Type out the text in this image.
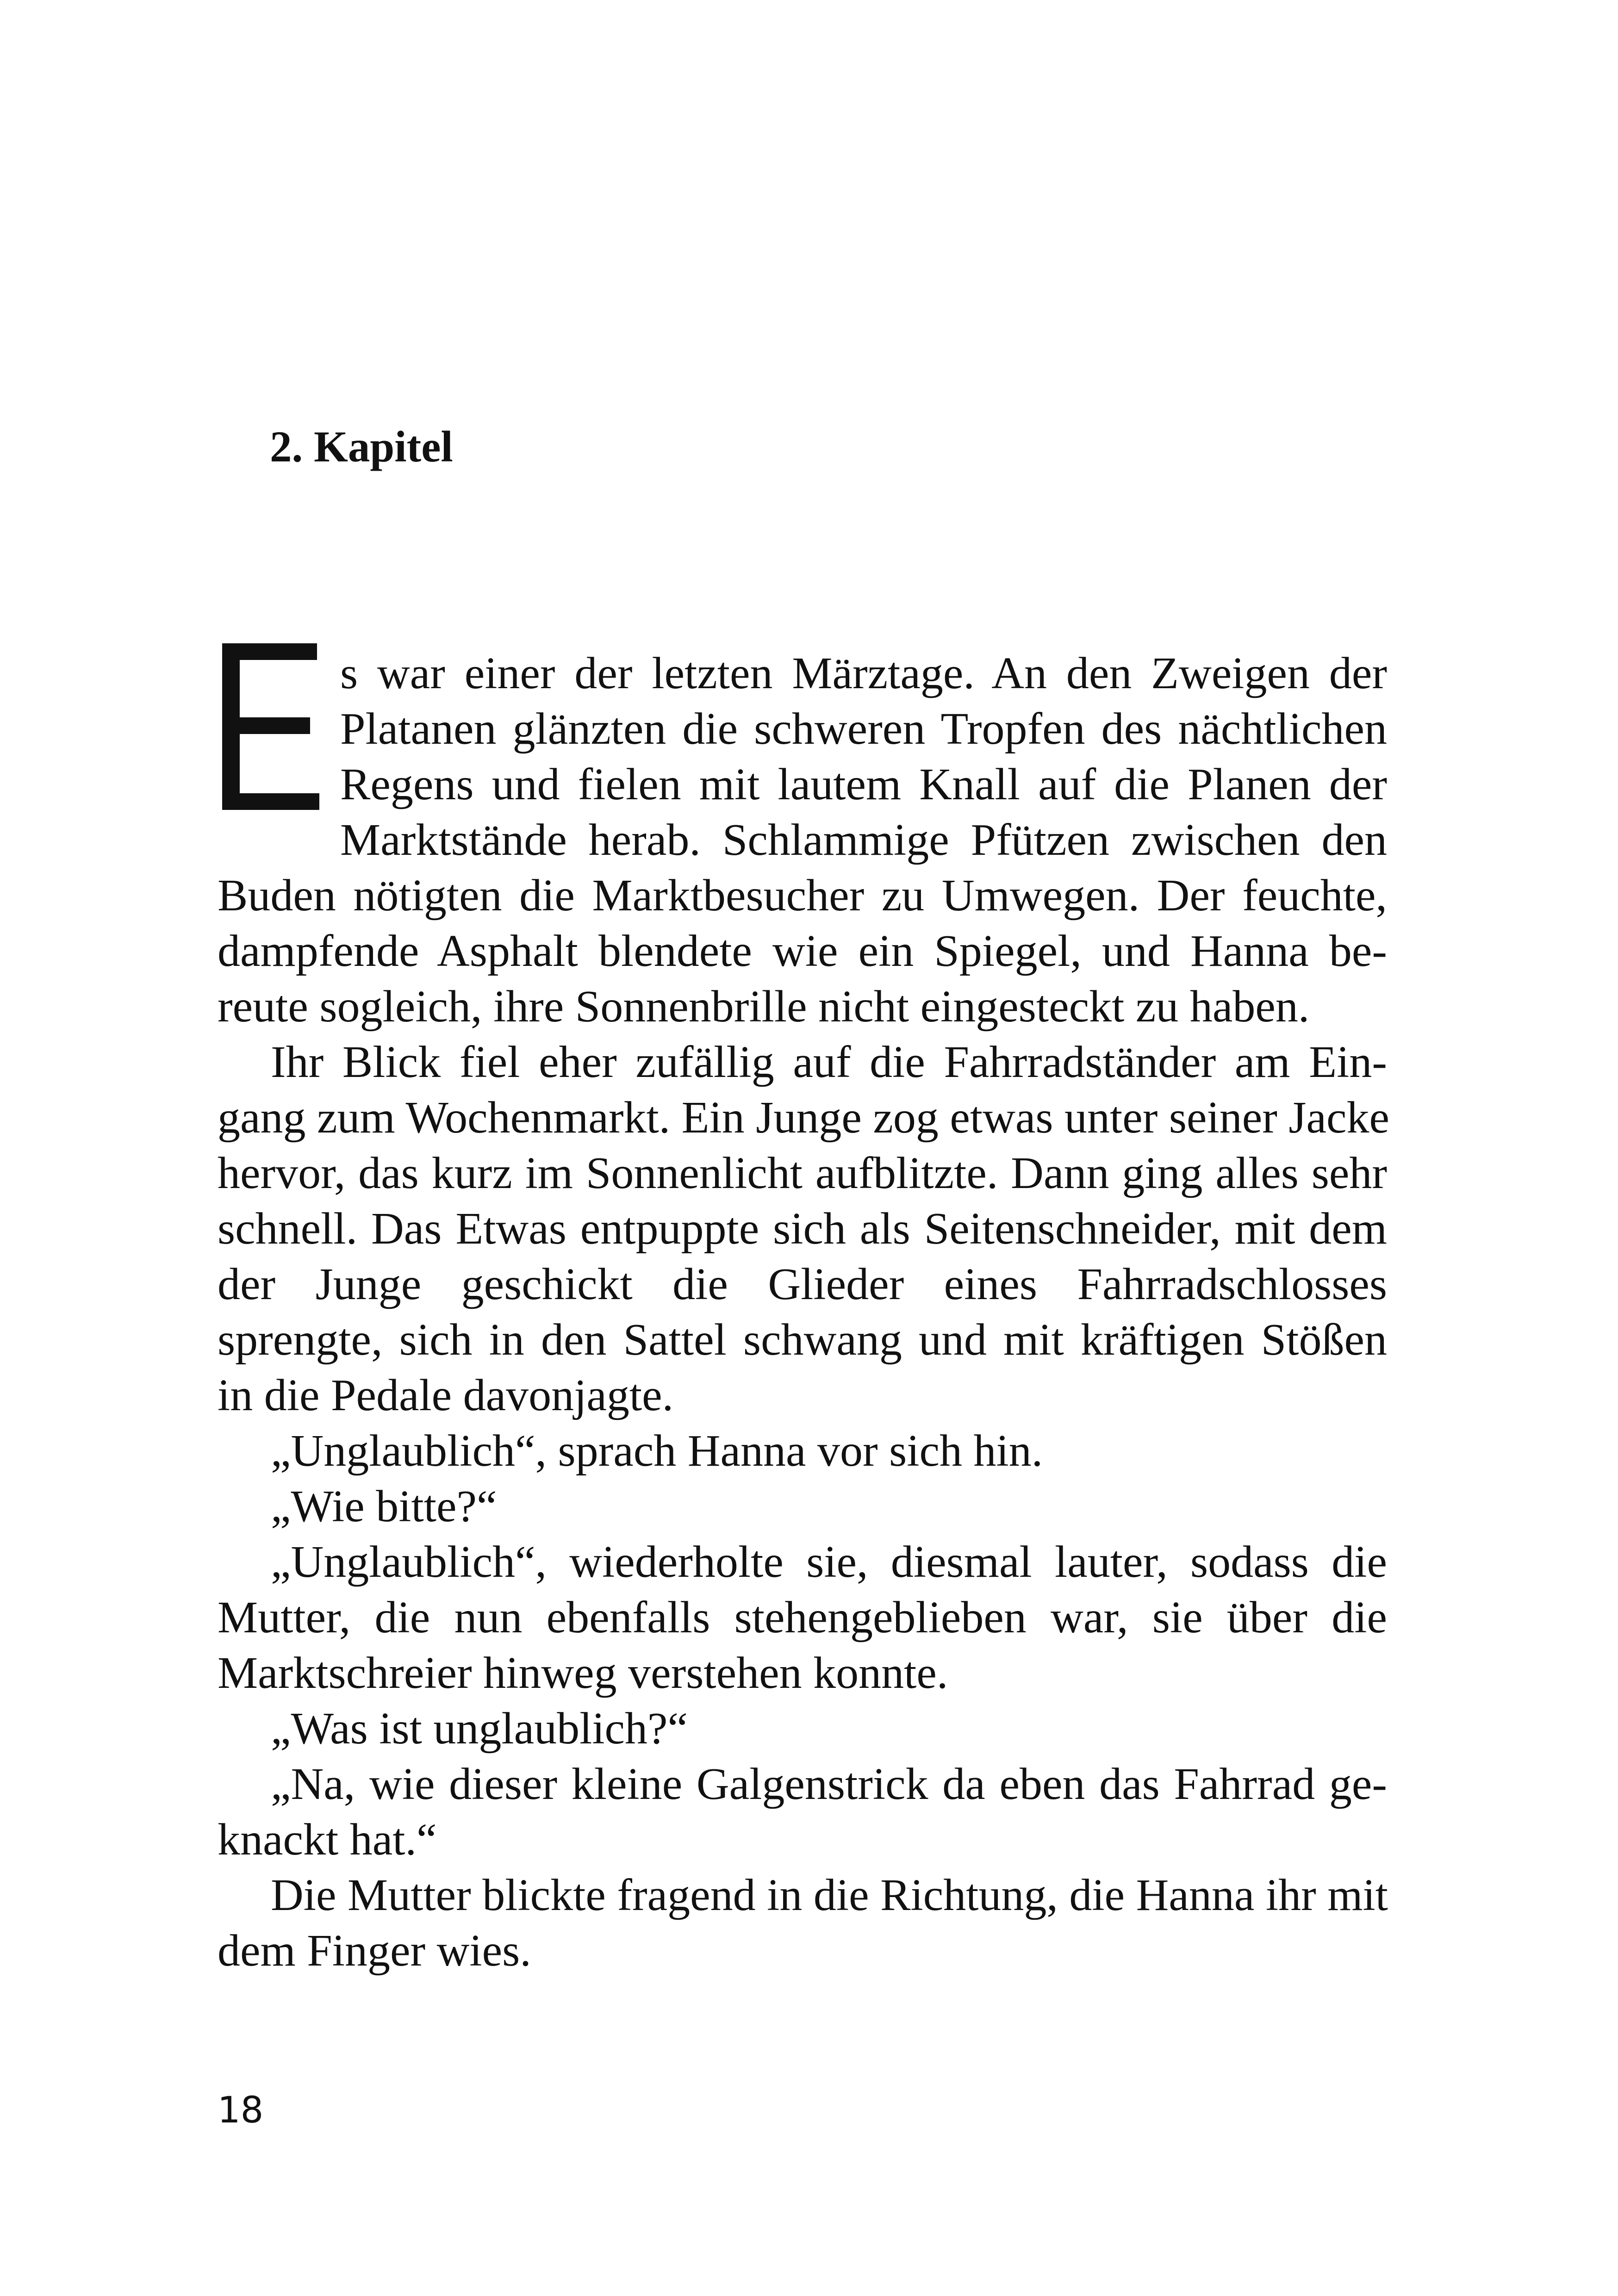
2. Kapitel
s war einer der letzten Märztage. An den Zweigen der
Platanen glänzten die schweren Tropfen des nächtlichen
Regens und fielen mit lautem Knall auf die Planen der
Marktstände herab. Schlammige Pfützen zwischen den
Buden nötigten die Marktbesucher zu Umwegen. Der feuchte,
dampfende Asphalt blendete wie ein Spiegel, und Hanna be-
reute sogleich, ihre Sonnenbrille nicht eingesteckt zu haben.
Ihr Blick fiel eher zufällig auf die Fahrradständer am Ein-
gang zum Wochenmarkt. Ein Junge zog etwas unter seiner Jacke
hervor, das kurz im Sonnenlicht aufblitzte. Dann ging alles sehr
schnell. Das Etwas entpuppte sich als Seitenschneider, mit dem
der Junge geschickt die Glieder eines Fahrradschlosses
sprengte, sich in den Sattel schwang und mit kräftigen Stößen
in die Pedale davonjagte.
„Unglaublich“, sprach Hanna vor sich hin.
„Wie bitte?“
„Unglaublich“, wiederholte sie, diesmal lauter, sodass die
Mutter, die nun ebenfalls stehengeblieben war, sie über die
Marktschreier hinweg verstehen konnte.
„Was ist unglaublich?“
„Na, wie dieser kleine Galgenstrick da eben das Fahrrad ge-
knackt hat.“
Die Mutter blickte fragend in die Richtung, die Hanna ihr mit
dem Finger wies.

18
